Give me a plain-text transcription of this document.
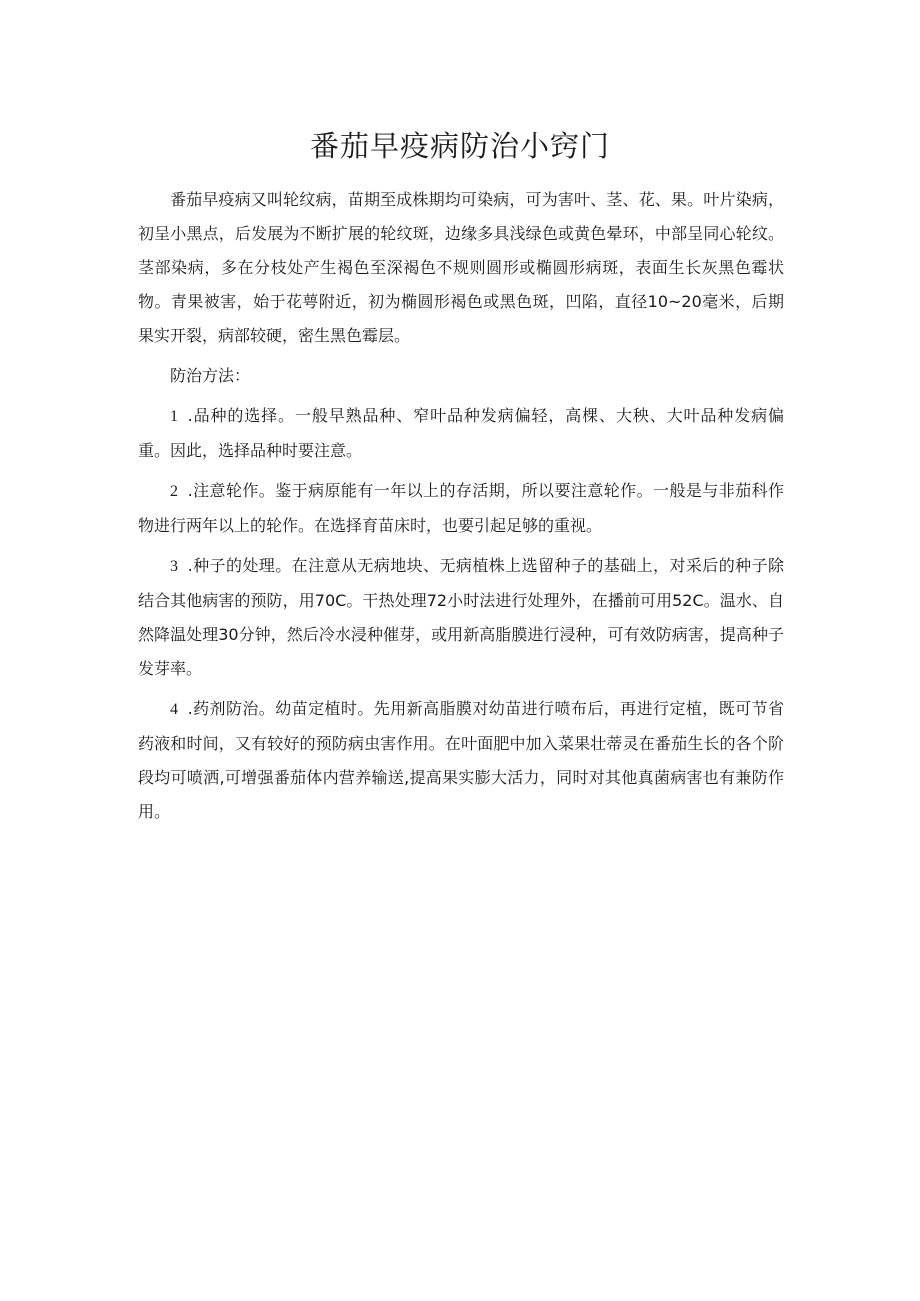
番茄早疫病防治小窍门

番茄早疫病又叫轮纹病，苗期至成株期均可染病，可为害叶、茎、花、果。叶片染病，初呈小黑点，后发展为不断扩展的轮纹斑，边缘多具浅绿色或黄色晕环，中部呈同心轮纹。茎部染病，多在分枝处产生褐色至深褐色不规则圆形或椭圆形病斑，表面生长灰黑色霉状物。青果被害，始于花萼附近，初为椭圆形褐色或黑色斑，凹陷，直径10~20毫米，后期果实开裂，病部较硬，密生黑色霉层。

防治方法：

1 .品种的选择。一般早熟品种、窄叶品种发病偏轻，高棵、大秧、大叶品种发病偏重。因此，选择品种时要注意。

2 .注意轮作。鉴于病原能有一年以上的存活期，所以要注意轮作。一般是与非茄科作物进行两年以上的轮作。在选择育苗床时，也要引起足够的重视。

3 .种子的处理。在注意从无病地块、无病植株上选留种子的基础上，对采后的种子除结合其他病害的预防，用70C。干热处理72小时法进行处理外，在播前可用52C。温水、自然降温处理30分钟，然后冷水浸种催芽，或用新高脂膜进行浸种，可有效防病害，提高种子发芽率。

4 .药剂防治。幼苗定植时。先用新高脂膜对幼苗进行喷布后，再进行定植，既可节省药液和时间，又有较好的预防病虫害作用。在叶面肥中加入菜果壮蒂灵在番茄生长的各个阶段均可喷洒,可增强番茄体内营养输送,提高果实膨大活力，同时对其他真菌病害也有兼防作用。
